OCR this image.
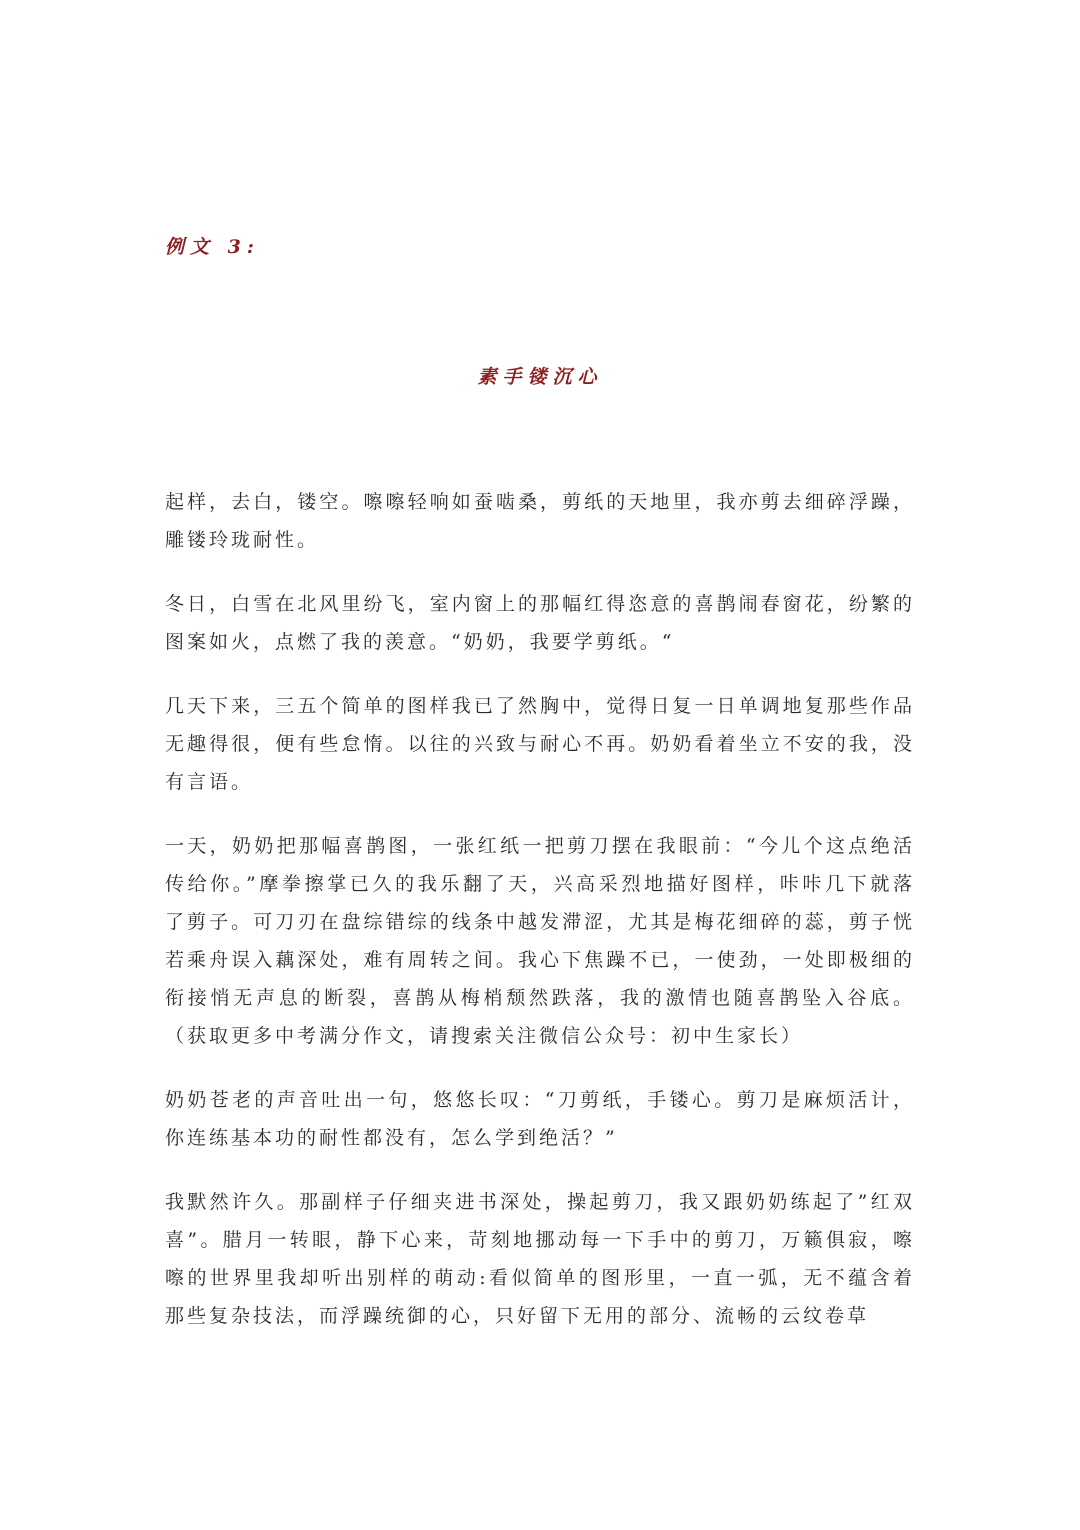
例文 3:
素手镂沉心

起样，去白，镂空。嚓嚓轻响如蚕啮桑，剪纸的天地里，我亦剪去细碎浮躁，雕镂玲珑耐性。

冬日，白雪在北风里纷飞，室内窗上的那幅红得恣意的喜鹊闹春窗花，纷繁的图案如火，点燃了我的羡意。“奶奶，我要学剪纸。“

几天下来，三五个简单的图样我已了然胸中，觉得日复一日单调地复那些作品无趣得很，便有些怠惰。以往的兴致与耐心不再。奶奶看着坐立不安的我，没有言语。

一天，奶奶把那幅喜鹊图，一张红纸一把剪刀摆在我眼前：“今儿个这点绝活传给你。”摩拳擦掌已久的我乐翻了天，兴高采烈地描好图样，咔咔几下就落了剪子。可刀刃在盘综错综的线条中越发滞涩，尤其是梅花细碎的蕊，剪子恍若乘舟误入藕深处，难有周转之间。我心下焦躁不已，一使劲，一处即极细的衔接悄无声息的断裂，喜鹊从梅梢颓然跌落，我的激情也随喜鹊坠入谷底。（获取更多中考满分作文，请搜索关注微信公众号：初中生家长）

奶奶苍老的声音吐出一句，悠悠长叹：“刀剪纸，手镂心。剪刀是麻烦活计，你连练基本功的耐性都没有，怎么学到绝活？”

我默然许久。那副样子仔细夹进书深处，操起剪刀，我又跟奶奶练起了”红双喜”。腊月一转眼，静下心来，苛刻地挪动每一下手中的剪刀，万籁俱寂，嚓嚓的世界里我却听出别样的萌动:看似简单的图形里，一直一弧，无不蕴含着那些复杂技法，而浮躁统御的心，只好留下无用的部分、流畅的云纹卷草
